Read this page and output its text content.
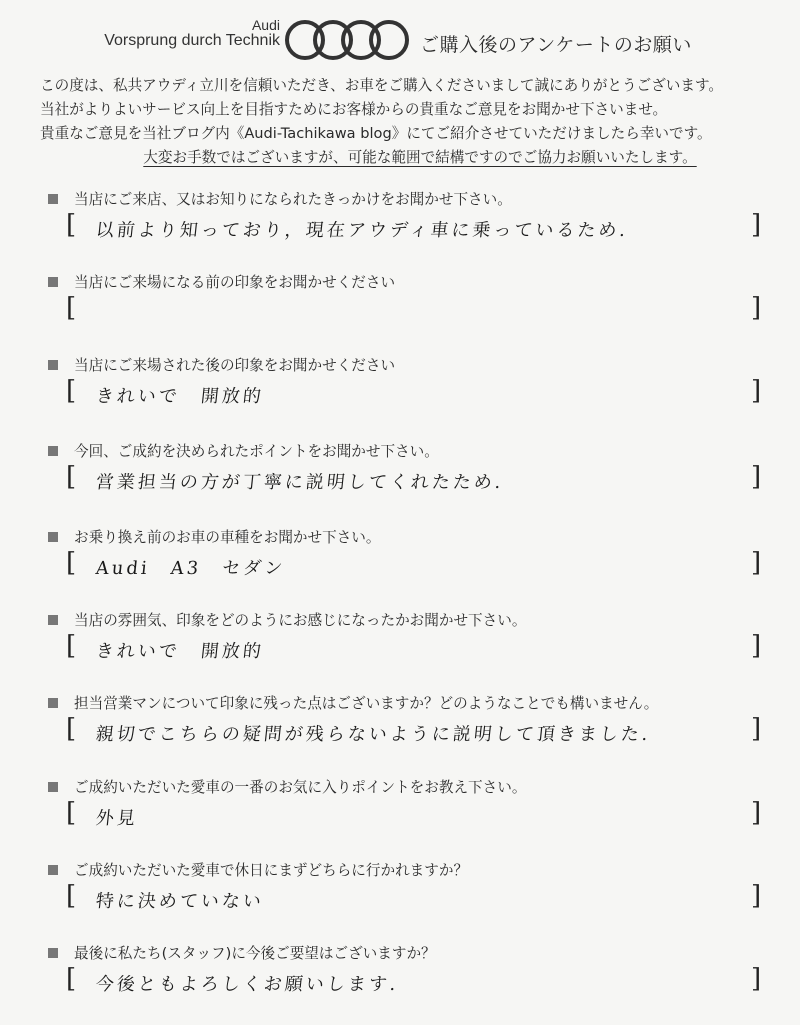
Audi
Vorsprung durch Technik	ご購入後のアンケートのお願い

この度は、私共アウディ立川を信頼いただき、お車をご購入くださいまして誠にありがとうございます。

当社がよりよいサービス向上を目指すためにお客様からの貴重なご意見をお聞かせ下さいませ。

貴重なご意見を当社ブログ内《Audi-Tachikawa blog》にてご紹介させていただけましたら幸いです。

大変お手数ではございますが、可能な範囲で結構ですのでご協力お願いいたします。

当店にご来店、又はお知りになられたきっかけをお聞かせ下さい。
[ 以前より知っており，現在アウディ車に乗っているため.	]
当店にご来場になる前の印象をお聞かせください
[	]
当店にご来場された後の印象をお聞かせください
[ きれいで　開放的	]
今回、ご成約を決められたポイントをお聞かせ下さい。
[ 営業担当の方が丁寧に説明してくれたため.	]
お乗り換え前のお車の車種をお聞かせ下さい。
[ Audi　A3　セダン	]
当店の雰囲気、印象をどのようにお感じになったかお聞かせ下さい。
[ きれいで　開放的	]
担当営業マンについて印象に残った点はございますか？どのようなことでも構いません。
[ 親切でこちらの疑問が残らないように説明して頂きました.	]
ご成約いただいた愛車の一番のお気に入りポイントをお教え下さい。
[ 外見	]
ご成約いただいた愛車で休日にまずどちらに行かれますか？
[ 特に決めていない	]
最後に私たち(スタッフ)に今後ご要望はございますか？
[ 今後ともよろしくお願いします.	]
